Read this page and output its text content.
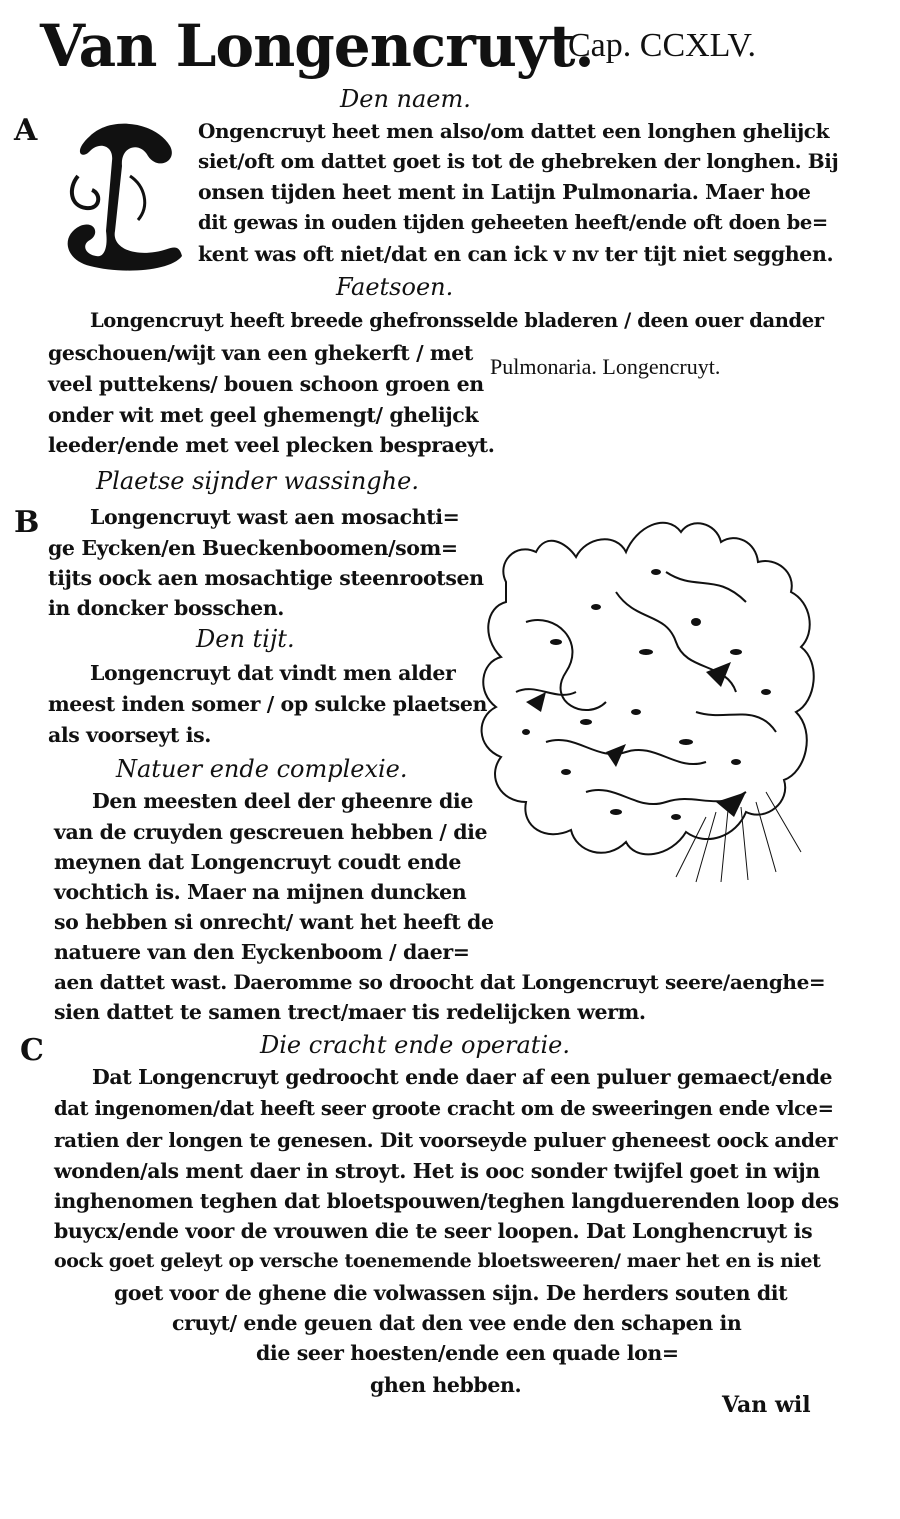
Van Longencruyt.
Cap. CCXLV.
Den naem.
A	Ongencruyt heet men also/om dattet een longhen ghelijck
siet/oft om dattet goet is tot de ghebreken der longhen. Bij
onsen tijden heet ment in Latijn Pulmonaria. Maer hoe
dit gewas in ouden tijden geheeten heeft/ende oft doen be=
kent was oft niet/dat en can ick v nv ter tijt niet segghen.
Faetsoen.
Longencruyt heeft breede ghefronsselde bladeren / deen ouer dander
geschouen/wijt van een ghekerft / met
veel puttekens/ bouen schoon groen en
onder wit met geel ghemengt/ ghelijck
leeder/ende met veel plecken bespraeyt.
Pulmonaria. Longencruyt.
Plaetse sijnder wassinghe.
B Longencruyt wast aen mosachti=
ge Eycken/en Bueckenboomen/som=
tijts oock aen mosachtige steenrootsen
in doncker bosschen.
Den tijt.
Longencruyt dat vindt men alder
meest inden somer / op sulcke plaetsen
als voorseyt is.
Natuer ende complexie.
Den meesten deel der gheenre die
van de cruyden gescreuen hebben / die
meynen dat Longencruyt coudt ende
vochtich is. Maer na mijnen duncken
so hebben si onrecht/ want het heeft de
natuere van den Eyckenboom / daer=
aen dattet wast. Daeromme so droocht dat Longencruyt seere/aenghe=
sien dattet te samen trect/maer tis redelijcken werm.
C	Die cracht ende operatie.
Dat Longencruyt gedroocht ende daer af een puluer gemaect/ende
dat ingenomen/dat heeft seer groote cracht om de sweeringen ende vlce=
ratien der longen te genesen. Dit voorseyde puluer gheneest oock ander
wonden/als ment daer in stroyt. Het is ooc sonder twijfel goet in wijn
inghenomen teghen dat bloetspouwen/teghen langduerenden loop des
buycx/ende voor de vrouwen die te seer loopen. Dat Longhencruyt is
oock goet geleyt op versche toenemende bloetsweeren/ maer het en is niet
goet voor de ghene die volwassen sijn. De herders souten dit
cruyt/ ende geuen dat den vee ende den schapen in
die seer hoesten/ende een quade lon=
ghen hebben.
Van wil
